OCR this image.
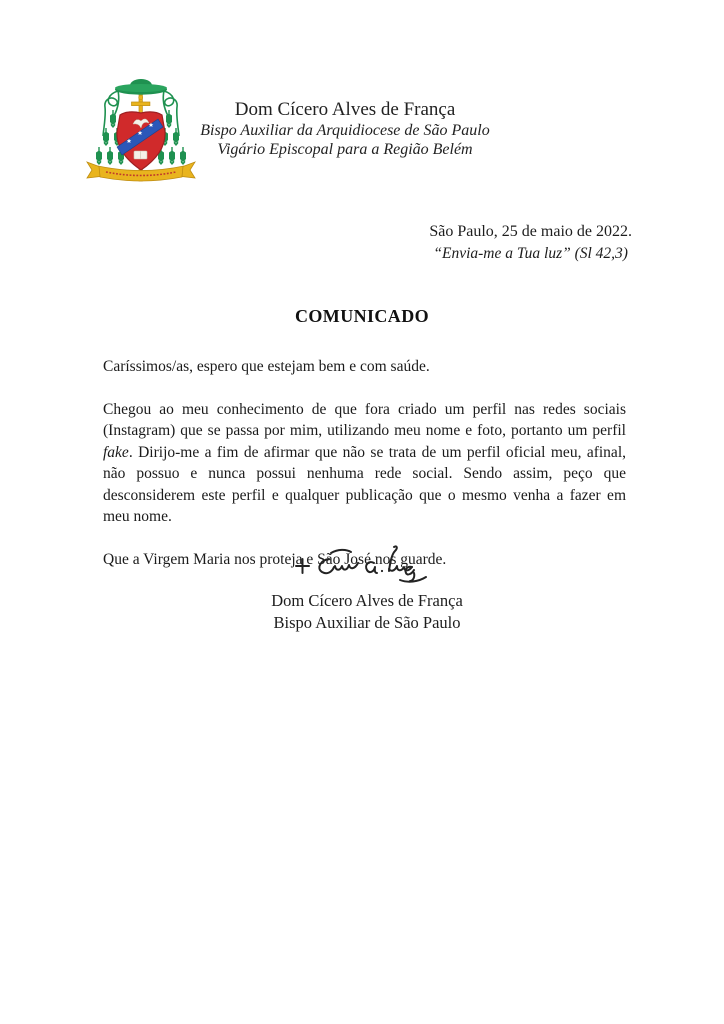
Dom Cícero Alves de França
Bispo Auxiliar da Arquidiocese de São Paulo
Vigário Episcopal para a Região Belém
São Paulo, 25 de maio de 2022.
“Envia-me a Tua luz” (Sl 42,3)
COMUNICADO

Caríssimos/as, espero que estejam bem e com saúde.

Chegou ao meu conhecimento de que fora criado um perfil nas redes sociais (Instagram) que se passa por mim, utilizando meu nome e foto, portanto um perfil fake. Dirijo-me a fim de afirmar que não se trata de um perfil oficial meu, afinal, não possuo e nunca possui nenhuma rede social. Sendo assim, peço que desconsiderem este perfil e qualquer publicação que o mesmo venha a fazer em meu nome.

Que a Virgem Maria nos proteja e São José nos guarde.

Dom Cícero Alves de França
Bispo Auxiliar de São Paulo
